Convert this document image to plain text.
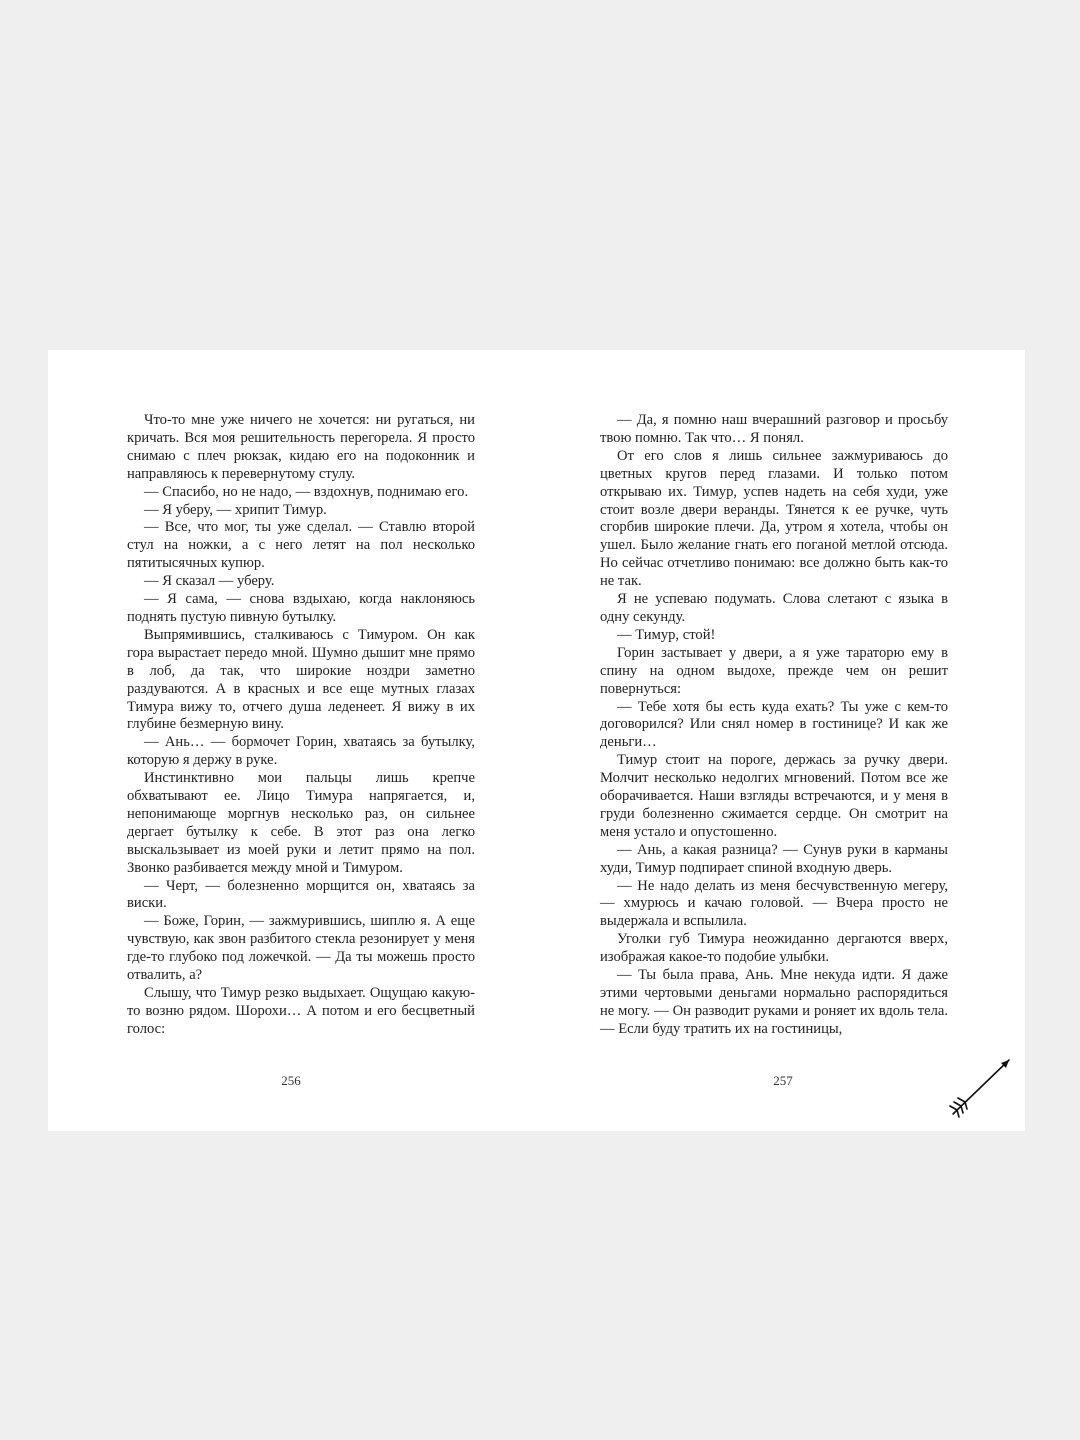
Что-то мне уже ничего не хочется: ни ругаться, ни кричать. Вся моя решительность перегорела. Я просто снимаю с плеч рюкзак, кидаю его на подоконник и направляюсь к перевернутому стулу.

— Спасибо, но не надо, — вздохнув, поднимаю его.

— Я уберу, — хрипит Тимур.

— Все, что мог, ты уже сделал. — Ставлю второй стул на ножки, а с него летят на пол несколько пятитысячных купюр.

— Я сказал — уберу.

— Я сама, — снова вздыхаю, когда наклоняюсь поднять пустую пивную бутылку.

Выпрямившись, сталкиваюсь с Тимуром. Он как гора вырастает передо мной. Шумно дышит мне прямо в лоб, да так, что широкие ноздри заметно раздуваются. А в красных и все еще мутных глазах Тимура вижу то, отчего душа леденеет. Я вижу в их глубине безмерную вину.

— Ань… — бормочет Горин, хватаясь за бутылку, которую я держу в руке.

Инстинктивно мои пальцы лишь крепче обхватывают ее. Лицо Тимура напрягается, и, непонимающе моргнув несколько раз, он сильнее дергает бутылку к себе. В этот раз она легко выскальзывает из моей руки и летит прямо на пол. Звонко разбивается между мной и Тимуром.

— Черт, — болезненно морщится он, хватаясь за виски.

— Боже, Горин, — зажмурившись, шиплю я. А еще чувствую, как звон разбитого стекла резонирует у меня где-то глубоко под ложечкой. — Да ты можешь просто отвалить, а?

Слышу, что Тимур резко выдыхает. Ощущаю какую-то возню рядом. Шорохи… А потом и его бесцветный голос:

— Да, я помню наш вчерашний разговор и просьбу твою помню. Так что… Я понял.

От его слов я лишь сильнее зажмуриваюсь до цветных кругов перед глазами. И только потом открываю их. Тимур, успев надеть на себя худи, уже стоит возле двери веранды. Тянется к ее ручке, чуть сгорбив широкие плечи. Да, утром я хотела, чтобы он ушел. Было желание гнать его поганой метлой отсюда. Но сейчас отчетливо понимаю: все должно быть как-то не так.

Я не успеваю подумать. Слова слетают с языка в одну секунду.

— Тимур, стой!

Горин застывает у двери, а я уже тараторю ему в спину на одном выдохе, прежде чем он решит повернуться:

— Тебе хотя бы есть куда ехать? Ты уже с кем-то договорился? Или снял номер в гостинице? И как же деньги…

Тимур стоит на пороге, держась за ручку двери. Молчит несколько недолгих мгновений. Потом все же оборачивается. Наши взгляды встречаются, и у меня в груди болезненно сжимается сердце. Он смотрит на меня устало и опустошенно.

— Ань, а какая разница? — Сунув руки в карманы худи, Тимур подпирает спиной входную дверь.

— Не надо делать из меня бесчувственную мегеру, — хмурюсь и качаю головой. — Вчера просто не выдержала и вспылила.

Уголки губ Тимура неожиданно дергаются вверх, изображая какое-то подобие улыбки.

— Ты была права, Ань. Мне некуда идти. Я даже этими чертовыми деньгами нормально распорядиться не могу. — Он разводит руками и роняет их вдоль тела. — Если буду тратить их на гостиницы,

256	257
